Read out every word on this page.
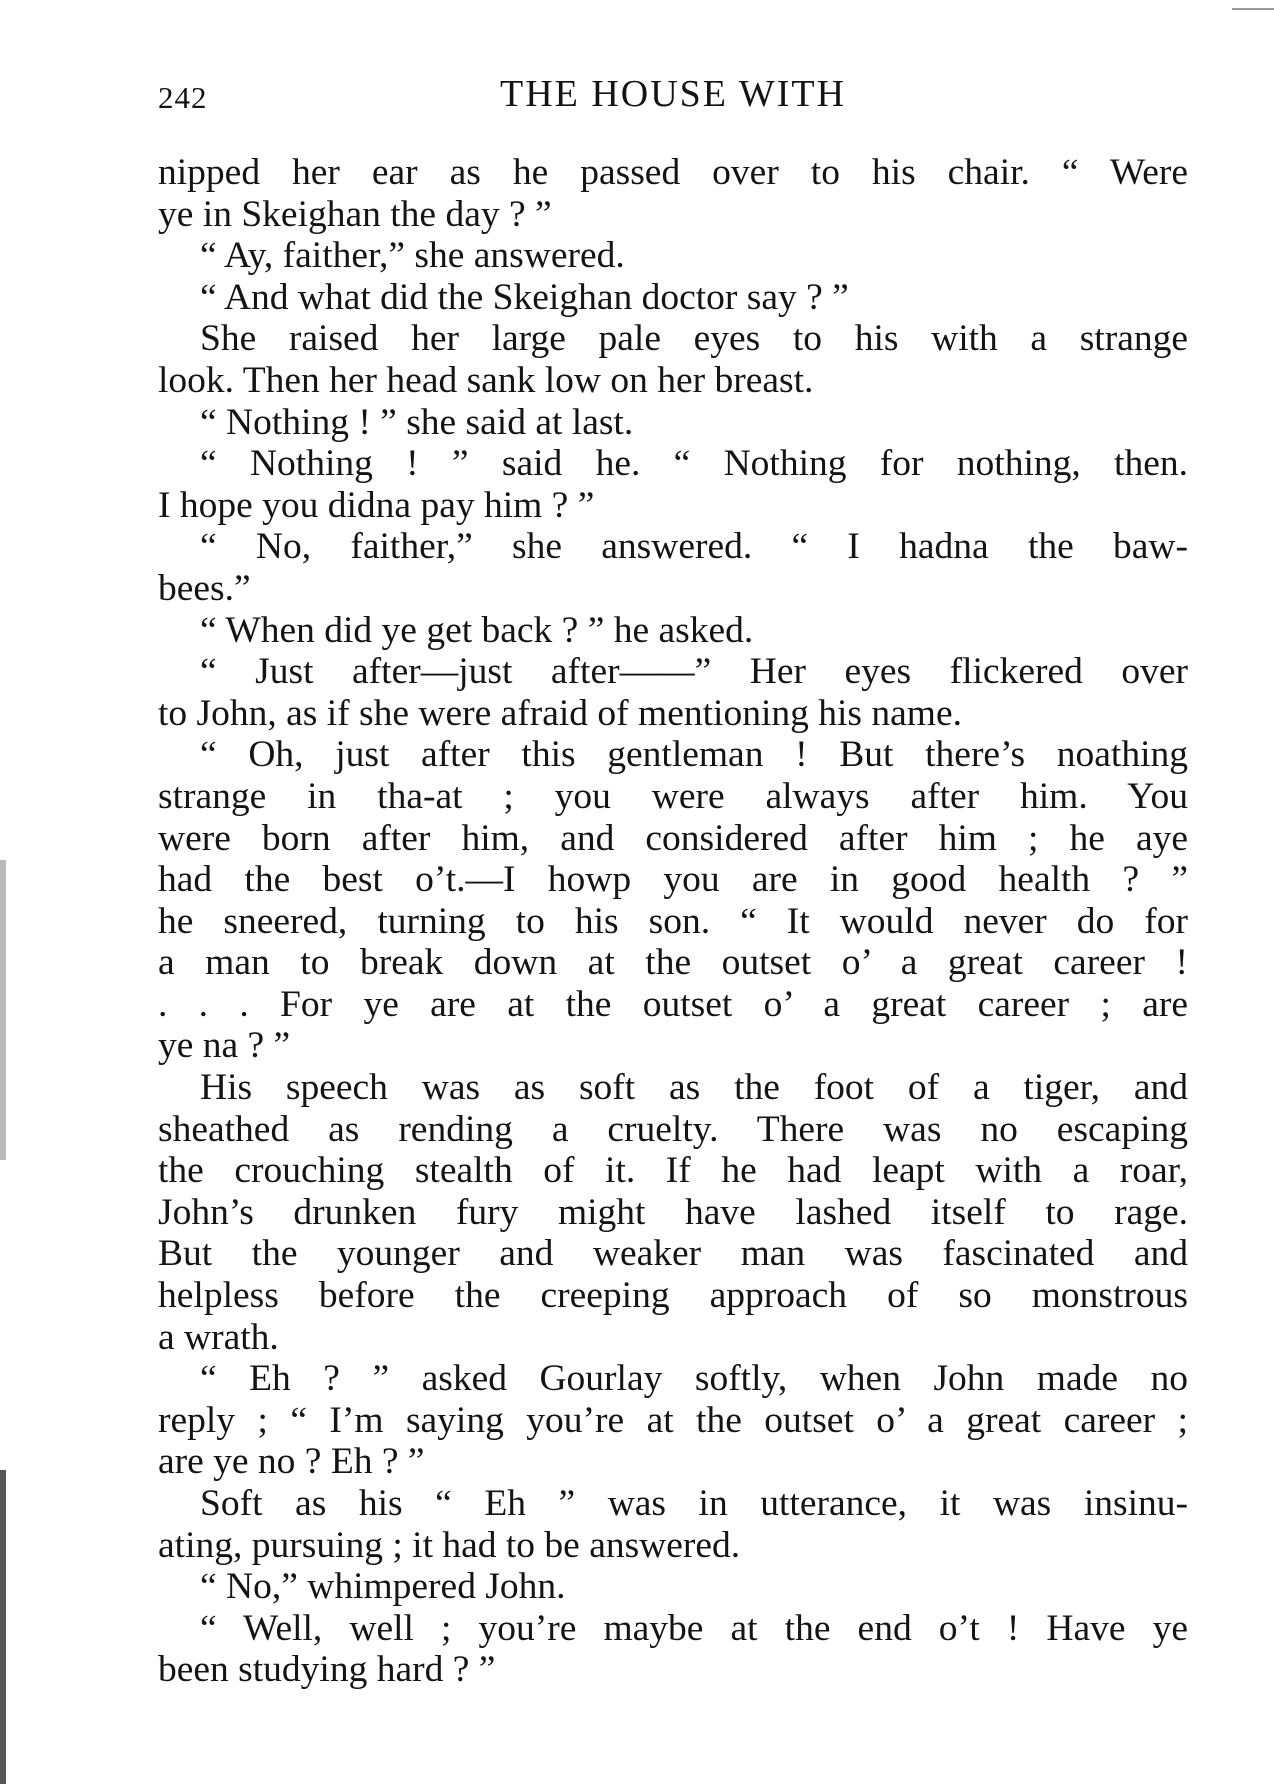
242	THE HOUSE WITH
nipped her ear as he passed over to his chair. “ Were
ye in Skeighan the day ? ”
“ Ay, faither,” she answered.
“ And what did the Skeighan doctor say ? ”
She raised her large pale eyes to his with a strange
look. Then her head sank low on her breast.
“ Nothing ! ” she said at last.
“ Nothing ! ” said he. “ Nothing for nothing, then.
I hope you didna pay him ? ”
“ No, faither,” she answered. “ I hadna the baw-
bees.”
“ When did ye get back ? ” he asked.
“ Just after—just after——” Her eyes flickered over
to John, as if she were afraid of mentioning his name.
“ Oh, just after this gentleman ! But there’s noathing
strange in tha-at ; you were always after him. You
were born after him, and considered after him ; he aye
had the best o’t.—I howp you are in good health ? ”
he sneered, turning to his son. “ It would never do for
a man to break down at the outset o’ a great career !
. . . For ye are at the outset o’ a great career ; are
ye na ? ”
His speech was as soft as the foot of a tiger, and
sheathed as rending a cruelty. There was no escaping
the crouching stealth of it. If he had leapt with a roar,
John’s drunken fury might have lashed itself to rage.
But the younger and weaker man was fascinated and
helpless before the creeping approach of so monstrous
a wrath.
“ Eh ? ” asked Gourlay softly, when John made no
reply ; “ I’m saying you’re at the outset o’ a great career ;
are ye no ? Eh ? ”
Soft as his “ Eh ” was in utterance, it was insinu-
ating, pursuing ; it had to be answered.
“ No,” whimpered John.
“ Well, well ; you’re maybe at the end o’t ! Have ye
been studying hard ? ”
